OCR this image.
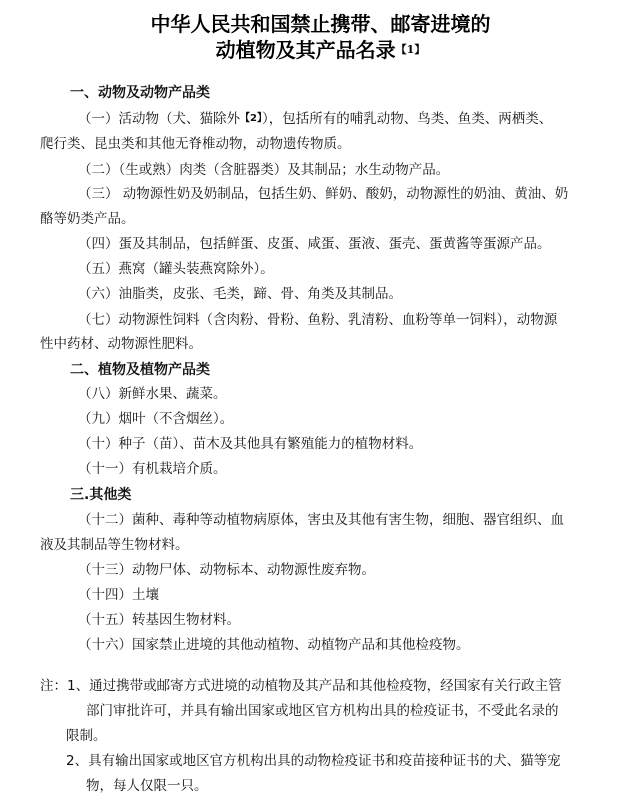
中华人民共和国禁止携带、邮寄进境的
动植物及其产品名录$^{【1】}$
一、动物及动物产品类
（一）活动物（犬、猫除外$^{【2】}$），包括所有的哺乳动物、鸟类、鱼类、两栖类、
爬行类、昆虫类和其他无脊椎动物，动物遗传物质。
（二）（生或熟）肉类（含脏器类）及其制品；水生动物产品。
（三） 动物源性奶及奶制品，包括生奶、鲜奶、酸奶，动物源性的奶油、黄油、奶
酪等奶类产品。
（四）蛋及其制品，包括鲜蛋、皮蛋、咸蛋、蛋液、蛋壳、蛋黄酱等蛋源产品。
（五）燕窝（罐头装燕窝除外）。
（六）油脂类，皮张、毛类，蹄、骨、角类及其制品。
（七）动物源性饲料（含肉粉、骨粉、鱼粉、乳清粉、血粉等单一饲料），动物源
性中药材、动物源性肥料。
二、植物及植物产品类
（八）新鲜水果、蔬菜。
（九）烟叶（不含烟丝）。
（十）种子（苗）、苗木及其他具有繁殖能力的植物材料。
（十一）有机栽培介质。
三.其他类
（十二）菌种、毒种等动植物病原体，害虫及其他有害生物，细胞、器官组织、血
液及其制品等生物材料。
（十三）动物尸体、动物标本、动物源性废弃物。
（十四）土壤
（十五）转基因生物材料。
（十六）国家禁止进境的其他动植物、动植物产品和其他检疫物。
注：1、通过携带或邮寄方式进境的动植物及其产品和其他检疫物，经国家有关行政主管
部门审批许可，并具有输出国家或地区官方机构出具的检疫证书，不受此名录的
限制。
2、具有输出国家或地区官方机构出具的动物检疫证书和疫苗接种证书的犬、猫等宠
物，每人仅限一只。
